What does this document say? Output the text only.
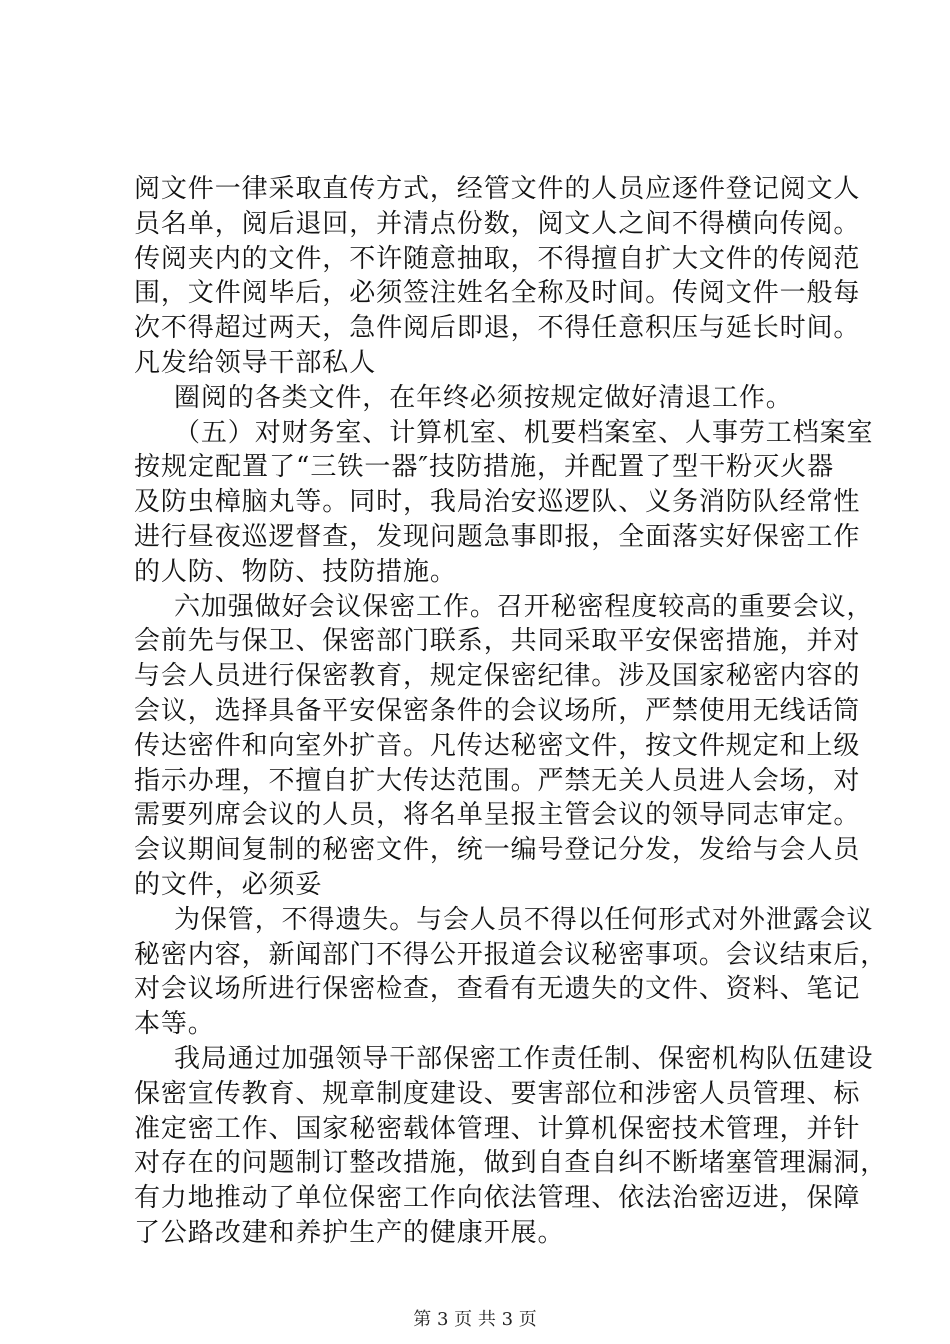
阅文件一律采取直传方式，经管文件的人员应逐件登记阅文人
员名单，阅后退回，并清点份数，阅文人之间不得横向传阅。
传阅夹内的文件，不许随意抽取，不得擅自扩大文件的传阅范
围，文件阅毕后，必须签注姓名全称及时间。传阅文件一般每
次不得超过两天，急件阅后即退，不得任意积压与延长时间。
凡发给领导干部私人
圈阅的各类文件，在年终必须按规定做好清退工作。
（五）对财务室、计算机室、机要档案室、人事劳工档案室
按规定配置了“三铁一器″技防措施，并配置了型干粉灭火器
及防虫樟脑丸等。同时，我局治安巡逻队、义务消防队经常性
进行昼夜巡逻督查，发现问题急事即报，全面落实好保密工作
的人防、物防、技防措施。
六加强做好会议保密工作。召开秘密程度较高的重要会议，
会前先与保卫、保密部门联系，共同采取平安保密措施，并对
与会人员进行保密教育，规定保密纪律。涉及国家秘密内容的
会议，选择具备平安保密条件的会议场所，严禁使用无线话筒
传达密件和向室外扩音。凡传达秘密文件，按文件规定和上级
指示办理，不擅自扩大传达范围。严禁无关人员进人会场，对
需要列席会议的人员，将名单呈报主管会议的领导同志审定。
会议期间复制的秘密文件，统一编号登记分发，发给与会人员
的文件，必须妥
为保管，不得遗失。与会人员不得以任何形式对外泄露会议
秘密内容，新闻部门不得公开报道会议秘密事项。会议结束后，
对会议场所进行保密检查，查看有无遗失的文件、资料、笔记
本等。
我局通过加强领导干部保密工作责任制、保密机构队伍建设
保密宣传教育、规章制度建设、要害部位和涉密人员管理、标
准定密工作、国家秘密载体管理、计算机保密技术管理，并针
对存在的问题制订整改措施，做到自查自纠不断堵塞管理漏洞，
有力地推动了单位保密工作向依法管理、依法治密迈进，保障
了公路改建和养护生产的健康开展。
第 3 页 共 3 页
